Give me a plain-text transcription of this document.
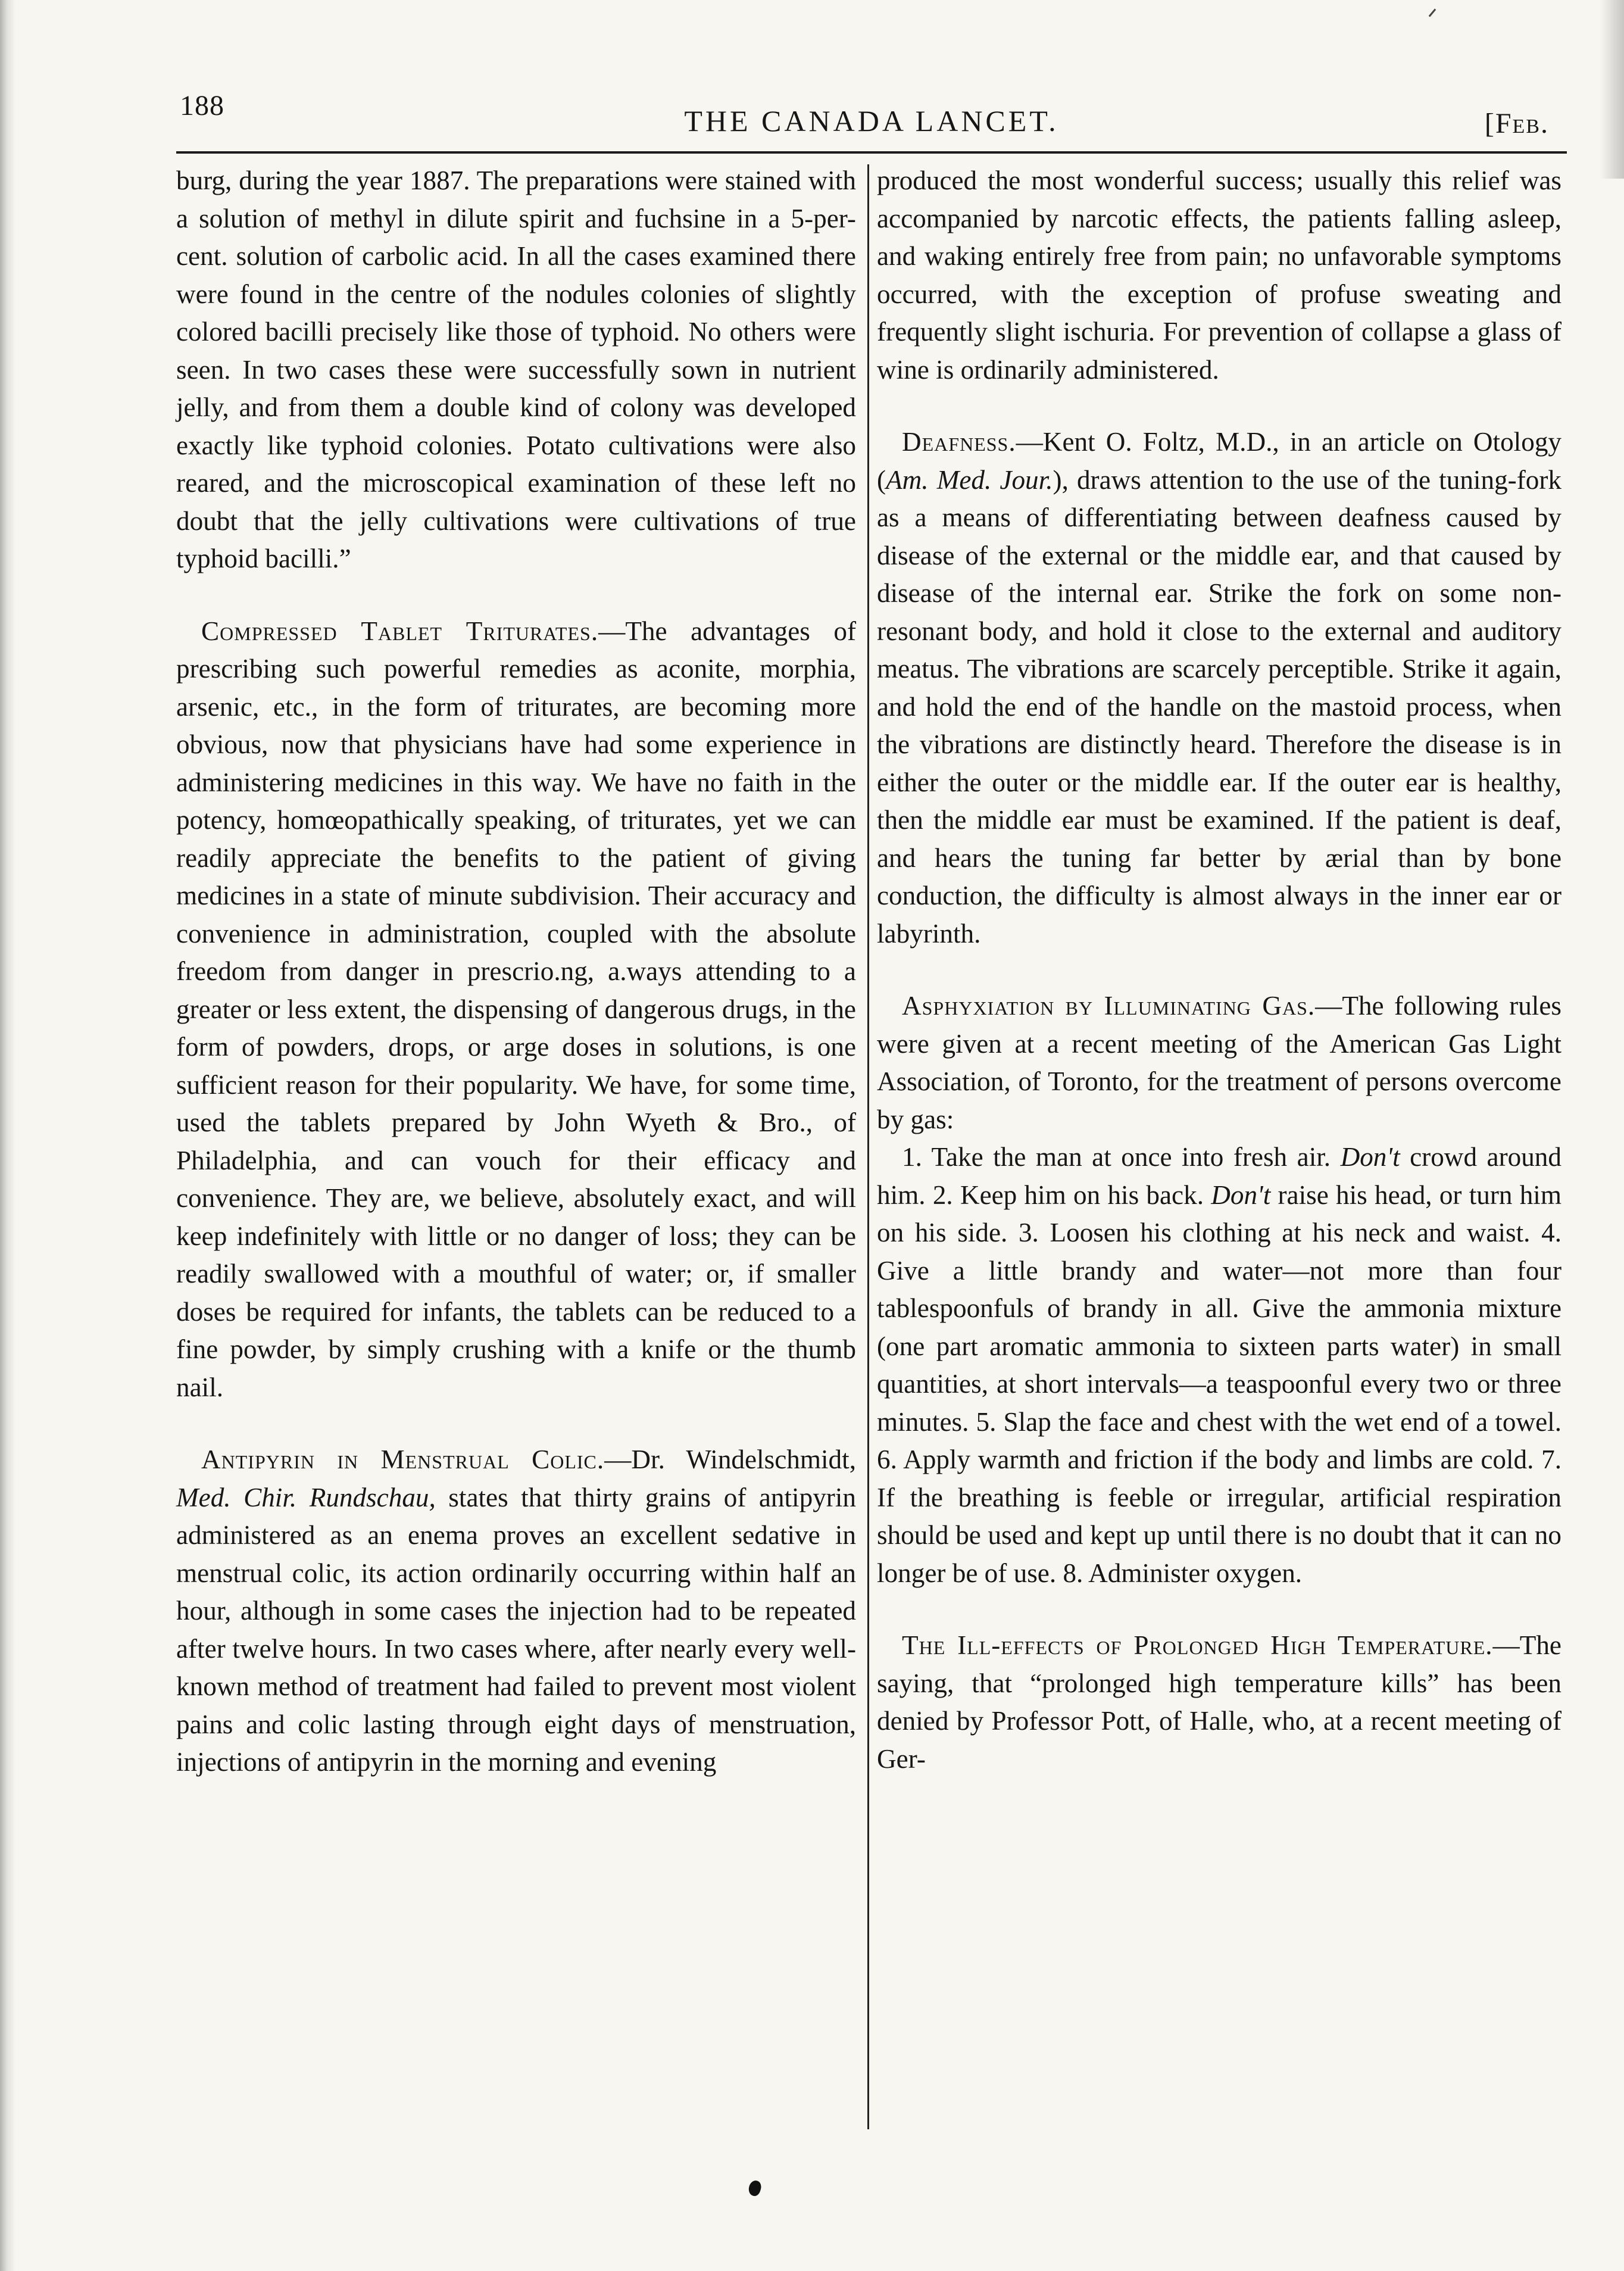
188	THE CANADA LANCET.	[Feb.

burg, during the year 1887. The preparations were stained with a solution of methyl in dilute spirit and fuchsine in a 5-per-cent. solution of carbolic acid. In all the cases examined there were found in the centre of the nodules colonies of slightly colored bacilli precisely like those of typhoid. No others were seen. In two cases these were successfully sown in nutrient jelly, and from them a double kind of colony was developed exactly like typhoid colonies. Potato cultivations were also reared, and the microscopical examination of these left no doubt that the jelly cultivations were cultivations of true typhoid bacilli.”

Compressed Tablet Triturates.—The advantages of prescribing such powerful remedies as aconite, morphia, arsenic, etc., in the form of triturates, are becoming more obvious, now that physicians have had some experience in administering medicines in this way. We have no faith in the potency, homœopathically speaking, of triturates, yet we can readily appreciate the benefits to the patient of giving medicines in a state of minute subdivision. Their accuracy and convenience in administration, coupled with the absolute freedom from danger in prescrio.ng, a.ways attending to a greater or less extent, the dispensing of dangerous drugs, in the form of powders, drops, or arge doses in solutions, is one sufficient reason for their popularity. We have, for some time, used the tablets prepared by John Wyeth & Bro., of Philadelphia, and can vouch for their efficacy and convenience. They are, we believe, absolutely exact, and will keep indefinitely with little or no danger of loss; they can be readily swallowed with a mouthful of water; or, if smaller doses be required for infants, the tablets can be reduced to a fine powder, by simply crushing with a knife or the thumb nail.

Antipyrin in Menstrual Colic.—Dr. Windelschmidt, Med. Chir. Rundschau, states that thirty grains of antipyrin administered as an enema proves an excellent sedative in menstrual colic, its action ordinarily occurring within half an hour, although in some cases the injection had to be repeated after twelve hours. In two cases where, after nearly every well-known method of treatment had failed to prevent most violent pains and colic lasting through eight days of menstruation, injections of antipyrin in the morning and evening

produced the most wonderful success; usually this relief was accompanied by narcotic effects, the patients falling asleep, and waking entirely free from pain; no unfavorable symptoms occurred, with the exception of profuse sweating and frequently slight ischuria. For prevention of collapse a glass of wine is ordinarily administered.

Deafness.—Kent O. Foltz, M.D., in an article on Otology (Am. Med. Jour.), draws attention to the use of the tuning-fork as a means of differentiating between deafness caused by disease of the external or the middle ear, and that caused by disease of the internal ear. Strike the fork on some non-resonant body, and hold it close to the external and auditory meatus. The vibrations are scarcely perceptible. Strike it again, and hold the end of the handle on the mastoid process, when the vibrations are distinctly heard. Therefore the disease is in either the outer or the middle ear. If the outer ear is healthy, then the middle ear must be examined. If the patient is deaf, and hears the tuning far better by ærial than by bone conduction, the difficulty is almost always in the inner ear or labyrinth.

Asphyxiation by Illuminating Gas.—The following rules were given at a recent meeting of the American Gas Light Association, of Toronto, for the treatment of persons overcome by gas:

1. Take the man at once into fresh air. Don't crowd around him. 2. Keep him on his back. Don't raise his head, or turn him on his side. 3. Loosen his clothing at his neck and waist. 4. Give a little brandy and water—not more than four tablespoonfuls of brandy in all. Give the ammonia mixture (one part aromatic ammonia to sixteen parts water) in small quantities, at short intervals—a teaspoonful every two or three minutes. 5. Slap the face and chest with the wet end of a towel. 6. Apply warmth and friction if the body and limbs are cold. 7. If the breathing is feeble or irregular, artificial respiration should be used and kept up until there is no doubt that it can no longer be of use. 8. Administer oxygen.

The Ill-effects of Prolonged High Temperature.—The saying, that “prolonged high temperature kills” has been denied by Professor Pott, of Halle, who, at a recent meeting of Ger-
